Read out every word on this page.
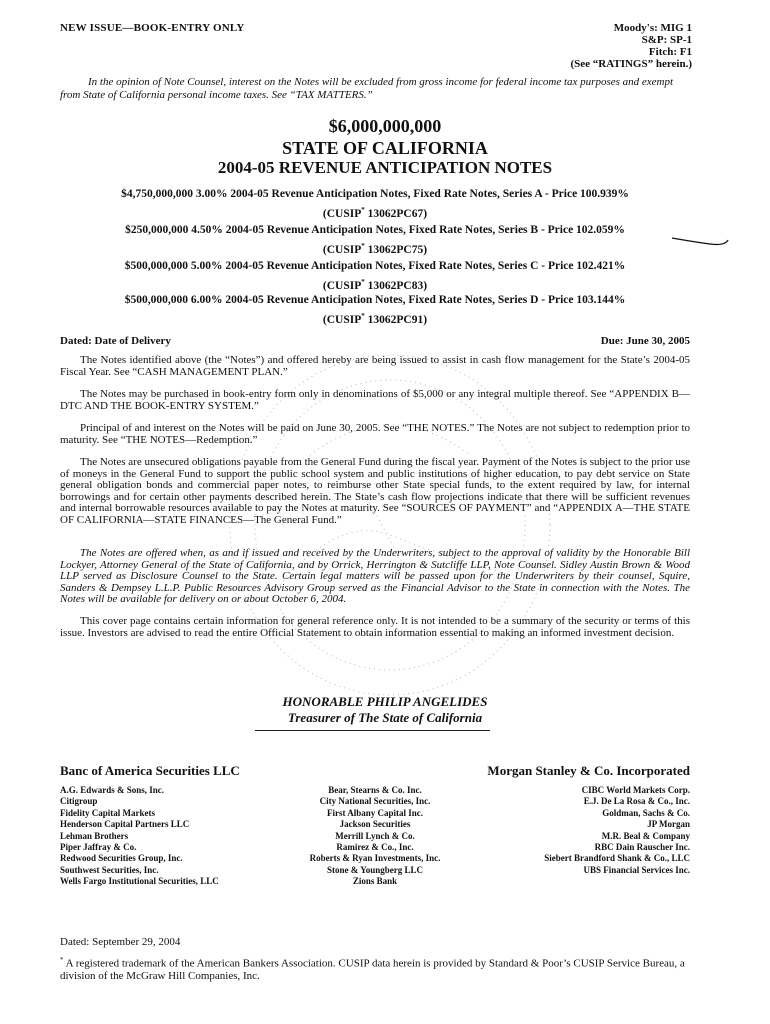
NEW ISSUE—BOOK-ENTRY ONLY	Moody's: MIG 1
S&P: SP-1
Fitch: F1
(See “RATINGS” herein.)
In the opinion of Note Counsel, interest on the Notes will be excluded from gross income for federal income tax purposes and exempt from State of California personal income taxes. See “TAX MATTERS.”
$6,000,000,000
STATE OF CALIFORNIA
2004-05 REVENUE ANTICIPATION NOTES
$4,750,000,000 3.00% 2004-05 Revenue Anticipation Notes, Fixed Rate Notes, Series A - Price 100.939%
(CUSIP* 13062PC67)
$250,000,000 4.50% 2004-05 Revenue Anticipation Notes, Fixed Rate Notes, Series B - Price 102.059%
(CUSIP* 13062PC75)
$500,000,000 5.00% 2004-05 Revenue Anticipation Notes, Fixed Rate Notes, Series C - Price 102.421%
(CUSIP* 13062PC83)
$500,000,000 6.00% 2004-05 Revenue Anticipation Notes, Fixed Rate Notes, Series D - Price 103.144%
(CUSIP* 13062PC91)
Dated: Date of Delivery	Due: June 30, 2005
The Notes identified above (the “Notes”) and offered hereby are being issued to assist in cash flow management for the State’s 2004-05 Fiscal Year. See “CASH MANAGEMENT PLAN.”
The Notes may be purchased in book-entry form only in denominations of $5,000 or any integral multiple thereof. See “APPENDIX B—DTC AND THE BOOK-ENTRY SYSTEM.”
Principal of and interest on the Notes will be paid on June 30, 2005. See “THE NOTES.” The Notes are not subject to redemption prior to maturity. See “THE NOTES—Redemption.”
The Notes are unsecured obligations payable from the General Fund during the fiscal year. Payment of the Notes is subject to the prior use of moneys in the General Fund to support the public school system and public institutions of higher education, to pay debt service on State general obligation bonds and commercial paper notes, to reimburse other State special funds, to the extent required by law, for internal borrowings and for certain other payments described herein. The State’s cash flow projections indicate that there will be sufficient revenues and internal borrowable resources available to pay the Notes at maturity. See “SOURCES OF PAYMENT” and “APPENDIX A—THE STATE OF CALIFORNIA—STATE FINANCES—The General Fund.”
The Notes are offered when, as and if issued and received by the Underwriters, subject to the approval of validity by the Honorable Bill Lockyer, Attorney General of the State of California, and by Orrick, Herrington & Sutcliffe LLP, Note Counsel. Sidley Austin Brown & Wood LLP served as Disclosure Counsel to the State. Certain legal matters will be passed upon for the Underwriters by their counsel, Squire, Sanders & Dempsey L.L.P. Public Resources Advisory Group served as the Financial Advisor to the State in connection with the Notes. The Notes will be available for delivery on or about October 6, 2004.
This cover page contains certain information for general reference only. It is not intended to be a summary of the security or terms of this issue. Investors are advised to read the entire Official Statement to obtain information essential to making an informed investment decision.
HONORABLE PHILIP ANGELIDES
Treasurer of The State of California
Banc of America Securities LLC	Morgan Stanley & Co. Incorporated
A.G. Edwards & Sons, Inc.
Citigroup
Fidelity Capital Markets
Henderson Capital Partners LLC
Lehman Brothers
Piper Jaffray & Co.
Redwood Securities Group, Inc.
Southwest Securities, Inc.
Wells Fargo Institutional Securities, LLC
Bear, Stearns & Co. Inc.
City National Securities, Inc.
First Albany Capital Inc.
Jackson Securities
Merrill Lynch & Co.
Ramirez & Co., Inc.
Roberts & Ryan Investments, Inc.
Stone & Youngberg LLC
Zions Bank
CIBC World Markets Corp.
E.J. De La Rosa & Co., Inc.
Goldman, Sachs & Co.
JP Morgan
M.R. Beal & Company
RBC Dain Rauscher Inc.
Siebert Brandford Shank & Co., LLC
UBS Financial Services Inc.
Dated: September 29, 2004
* A registered trademark of the American Bankers Association. CUSIP data herein is provided by Standard & Poor’s CUSIP Service Bureau, a division of the McGraw Hill Companies, Inc.
